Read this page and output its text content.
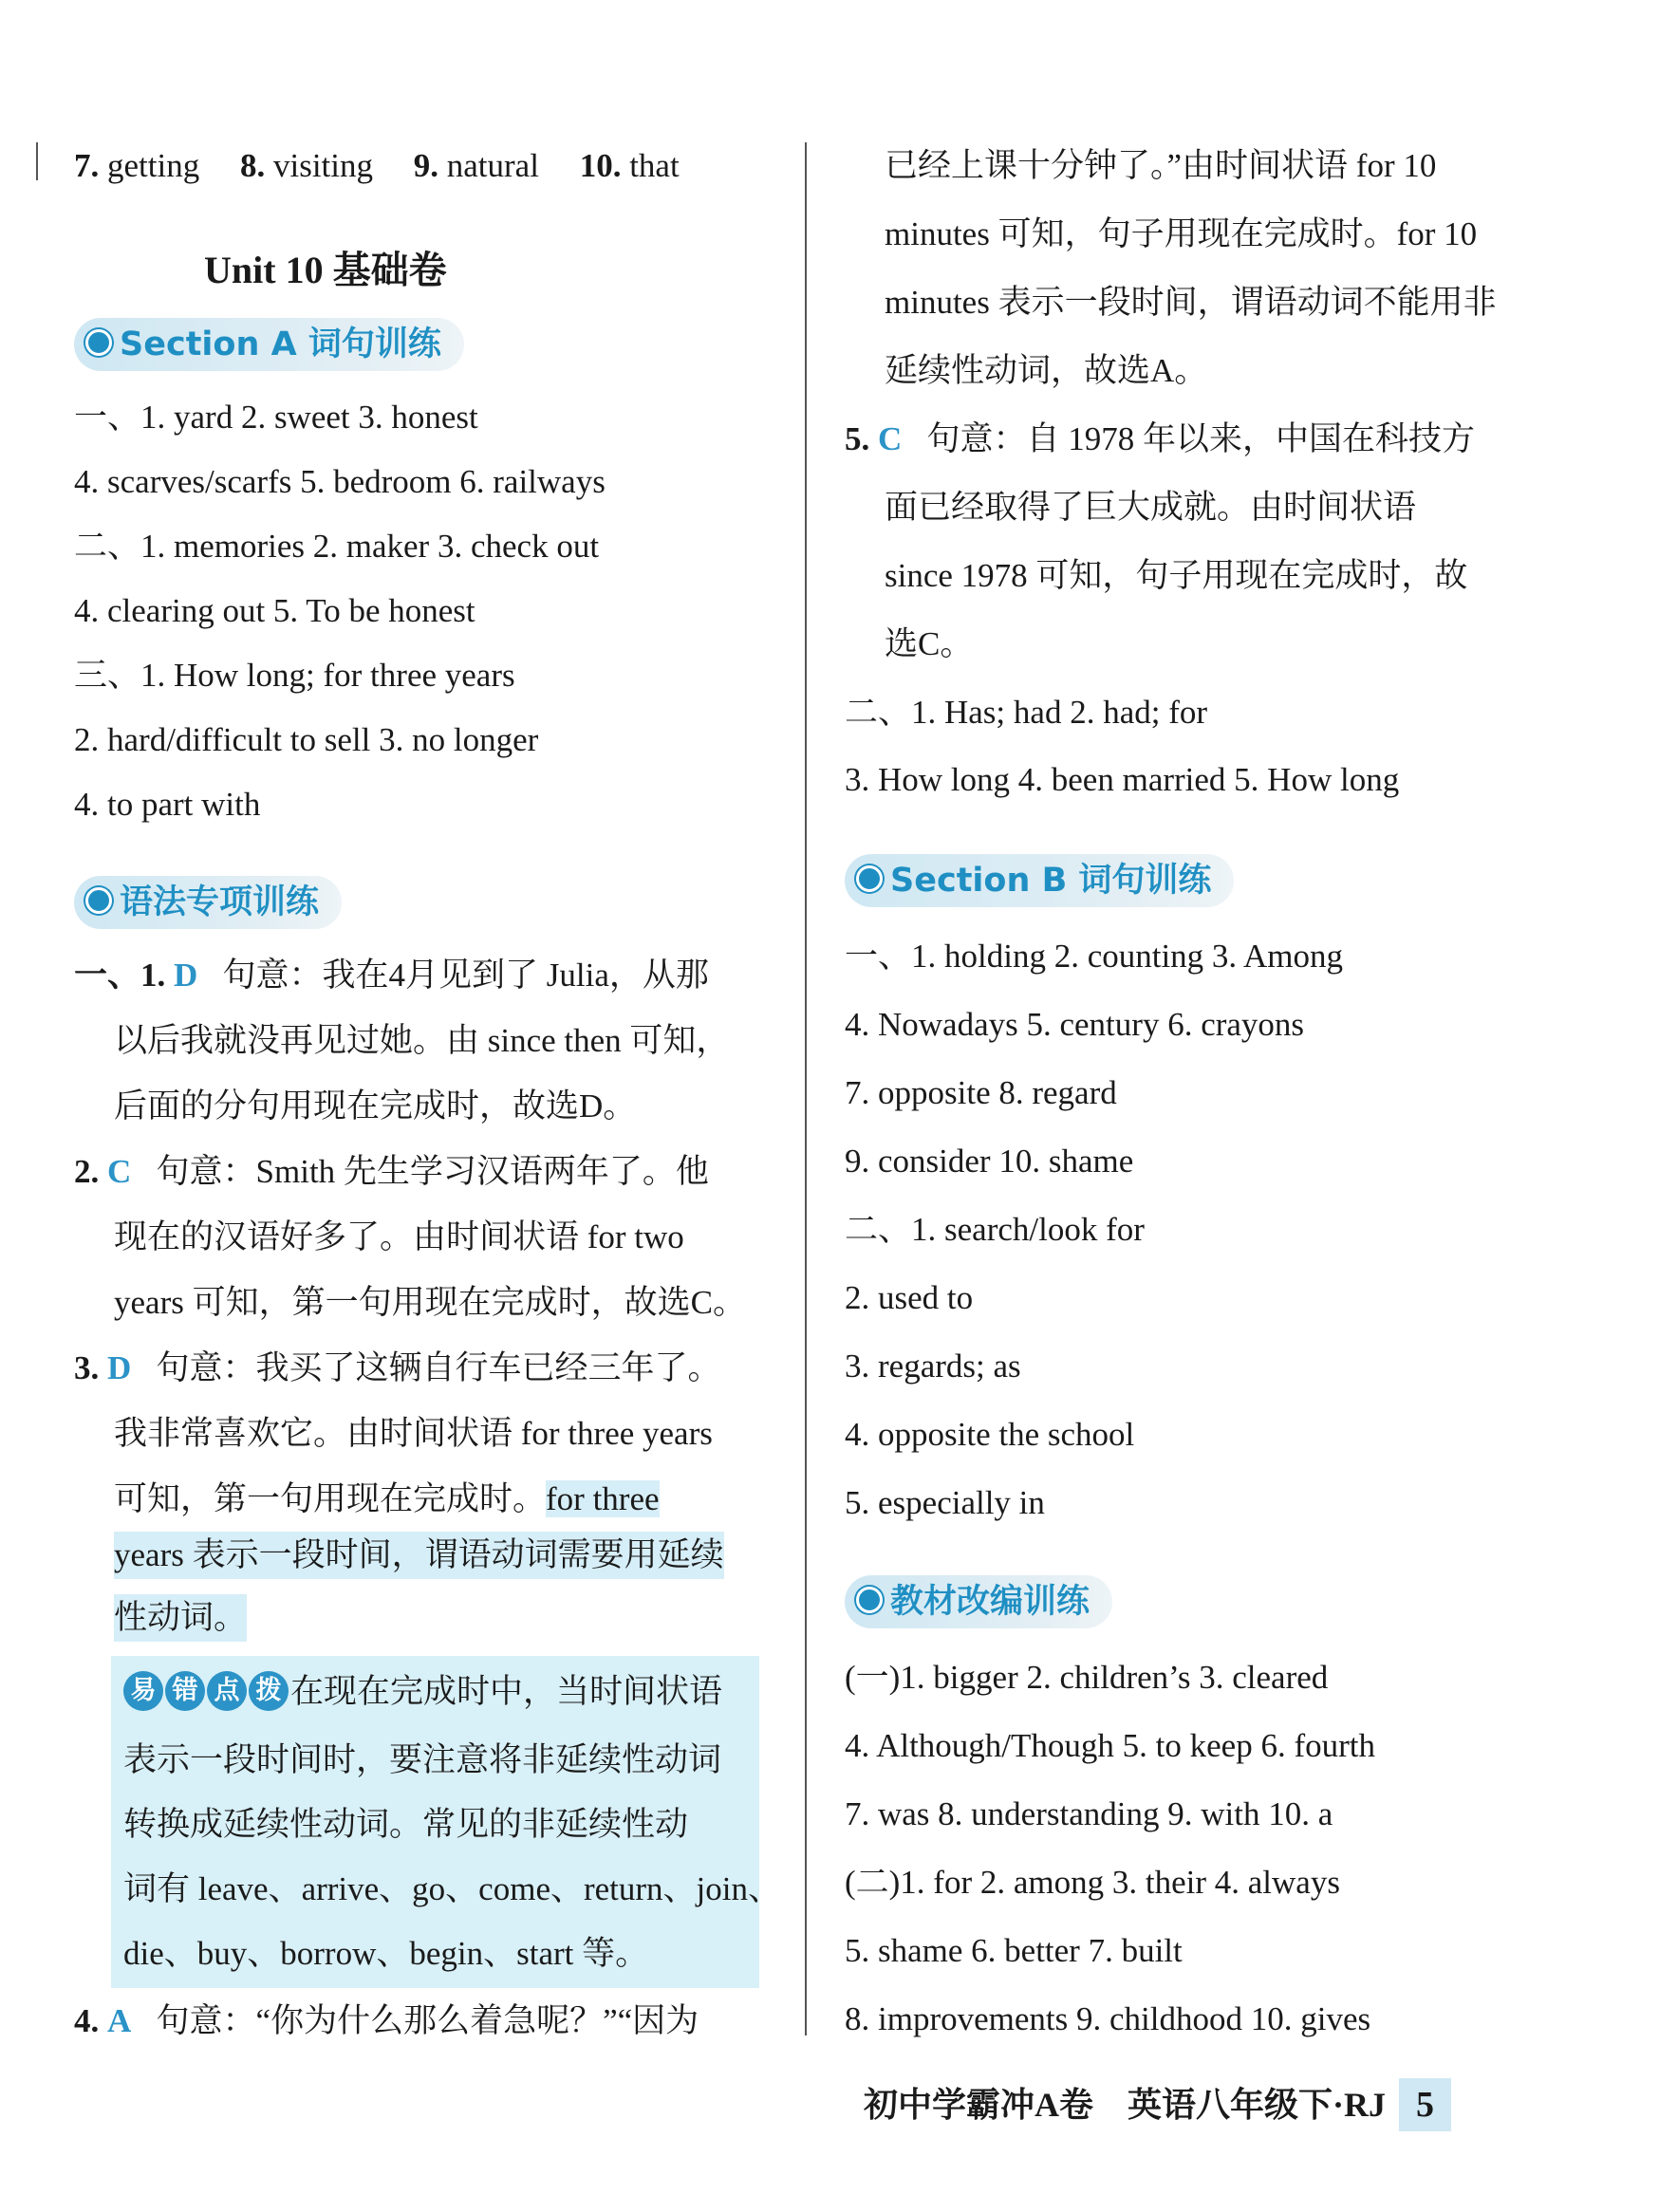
7. getting 8. visiting 9. natural 10. that
Unit 10 基础卷
Section A 词句训练
一、1. yard 2. sweet 3. honest
4. scarves/scarfs 5. bedroom 6. railways
二、1. memories 2. maker 3. check out
4. clearing out 5. To be honest
三、1. How long; for three years
2. hard/difficult to sell 3. no longer
4. to part with
语法专项训练
一、1. D 句意：我在4月见到了 Julia，从那
以后我就没再见过她。由 since then 可知，
后面的分句用现在完成时，故选D。
2. C 句意：Smith 先生学习汉语两年了。他
现在的汉语好多了。由时间状语 for two
years 可知，第一句用现在完成时，故选C。
3. D 句意：我买了这辆自行车已经三年了。
我非常喜欢它。由时间状语 for three years
可知，第一句用现在完成时。for three
years 表示一段时间，谓语动词需要用延续
性动词。
易 错 点 拨 在现在完成时中，当时间状语
表示一段时间时，要注意将非延续性动词
转换成延续性动词。常见的非延续性动
词有 leave、arrive、go、come、return、join、
die、buy、borrow、begin、start 等。
4. A 句意：“你为什么那么着急呢？”“因为
已经上课十分钟了。”由时间状语 for 10
minutes 可知，句子用现在完成时。for 10
minutes 表示一段时间，谓语动词不能用非
延续性动词，故选A。
5. C 句意：自 1978 年以来，中国在科技方
面已经取得了巨大成就。由时间状语
since 1978 可知，句子用现在完成时，故
选C。
二、1. Has; had 2. had; for
3. How long 4. been married 5. How long
Section B 词句训练
一、1. holding 2. counting 3. Among
4. Nowadays 5. century 6. crayons
7. opposite 8. regard
9. consider 10. shame
二、1. search/look for
2. used to
3. regards; as
4. opposite the school
5. especially in
教材改编训练
(一)1. bigger 2. children’s 3. cleared
4. Although/Though 5. to keep 6. fourth
7. was 8. understanding 9. with 10. a
(二)1. for 2. among 3. their 4. always
5. shame 6. better 7. built
8. improvements 9. childhood 10. gives
初中学霸冲A卷　英语八年级下·RJ 5
